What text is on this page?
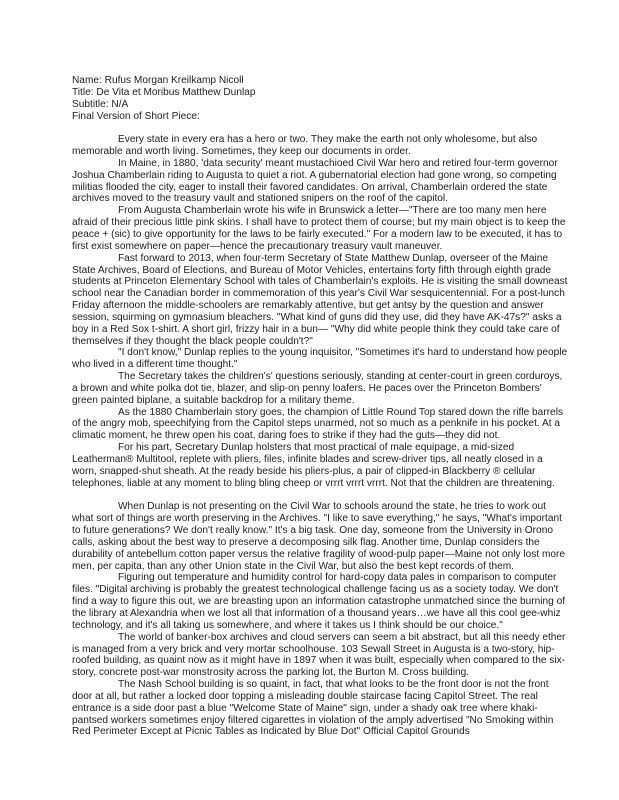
Name: Rufus Morgan Kreilkamp Nicoll
Title: De Vita et Moribus Matthew Dunlap
Subtitle: N/A
Final Version of Short Piece:

Every state in every era has a hero or two. They make the earth not only wholesome, but also memorable and worth living. Sometimes, they keep our documents in order.

In Maine, in 1880, 'data security' meant mustachioed Civil War hero and retired four-term governor Joshua Chamberlain riding to Augusta to quiet a riot. A gubernatorial election had gone wrong, so competing militias flooded the city, eager to install their favored candidates. On arrival, Chamberlain ordered the state archives moved to the treasury vault and stationed snipers on the roof of the capitol.

From Augusta Chamberlain wrote his wife in Brunswick a letter—"There are too many men here afraid of their precious little pink skins. I shall have to protect them of course; but my main object is to keep the peace + (sic) to give opportunity for the laws to be fairly executed." For a modern law to be executed, it has to first exist somewhere on paper—hence the precautionary treasury vault maneuver.

Fast forward to 2013, when four-term Secretary of State Matthew Dunlap, overseer of the Maine State Archives, Board of Elections, and Bureau of Motor Vehicles, entertains forty fifth through eighth grade students at Princeton Elementary School with tales of Chamberlain's exploits. He is visiting the small downeast school near the Canadian border in commemoration of this year's Civil War sesquicentennial. For a post-lunch Friday afternoon the middle-schoolers are remarkably attentive, but get antsy by the question and answer session, squirming on gymnasium bleachers. "What kind of guns did they use, did they have AK-47s?" asks a boy in a Red Sox t-shirt. A short girl, frizzy hair in a bun— "Why did white people think they could take care of themselves if they thought the black people couldn't?"

"I don't know," Dunlap replies to the young inquisitor, "Sometimes it's hard to understand how people who lived in a different time thought."

The Secretary takes the children's' questions seriously, standing at center-court in green corduroys, a brown and white polka dot tie, blazer, and slip-on penny loafers. He paces over the Princeton Bombers' green painted biplane, a suitable backdrop for a military theme.

As the 1880 Chamberlain story goes, the champion of Little Round Top stared down the rifle barrels of the angry mob, speechifying from the Capitol steps unarmed, not so much as a penknife in his pocket. At a climatic moment, he threw open his coat, daring foes to strike if they had the guts—they did not.

For his part, Secretary Dunlap holsters that most practical of male equipage, a mid-sized Leatherman® Multitool, replete with pliers, files, infinite blades and screw-driver tips, all neatly closed in a worn, snapped-shut sheath. At the ready beside his pliers-plus, a pair of clipped-in Blackberry ® cellular telephones, liable at any moment to bling bling cheep or vrrrt vrrrt vrrrt. Not that the children are threatening.

When Dunlap is not presenting on the Civil War to schools around the state, he tries to work out what sort of things are worth preserving in the Archives. "I like to save everything," he says, "What's important to future generations? We don't really know." It's a big task. One day, someone from the University in Orono calls, asking about the best way to preserve a decomposing silk flag. Another time, Dunlap considers the durability of antebellum cotton paper versus the relative fragility of wood-pulp paper—Maine not only lost more men, per capita, than any other Union state in the Civil War, but also the best kept records of them.

Figuring out temperature and humidity control for hard-copy data pales in comparison to computer files. "Digital archiving is probably the greatest technological challenge facing us as a society today. We don't find a way to figure this out, we are breasting upon an information catastrophe unmatched since the burning of the library at Alexandria when we lost all that information of a thousand years…we have all this cool gee-whiz technology, and it's all taking us somewhere, and where it takes us I think should be our choice."

The world of banker-box archives and cloud servers can seem a bit abstract, but all this needy ether is managed from a very brick and very mortar schoolhouse. 103 Sewall Street in Augusta is a two-story, hip-roofed building, as quaint now as it might have in 1897 when it was built, especially when compared to the six-story, concrete post-war monstrosity across the parking lot, the Burton M. Cross building.

The Nash School building is so quaint, in fact, that what looks to be the front door is not the front door at all, but rather a locked door topping a misleading double staircase facing Capitol Street. The real entrance is a side door past a blue "Welcome State of Maine" sign, under a shady oak tree where khaki-pantsed workers sometimes enjoy filtered cigarettes in violation of the amply advertised "No Smoking within Red Perimeter Except at Picnic Tables as Indicated by Blue Dot" Official Capitol Grounds
